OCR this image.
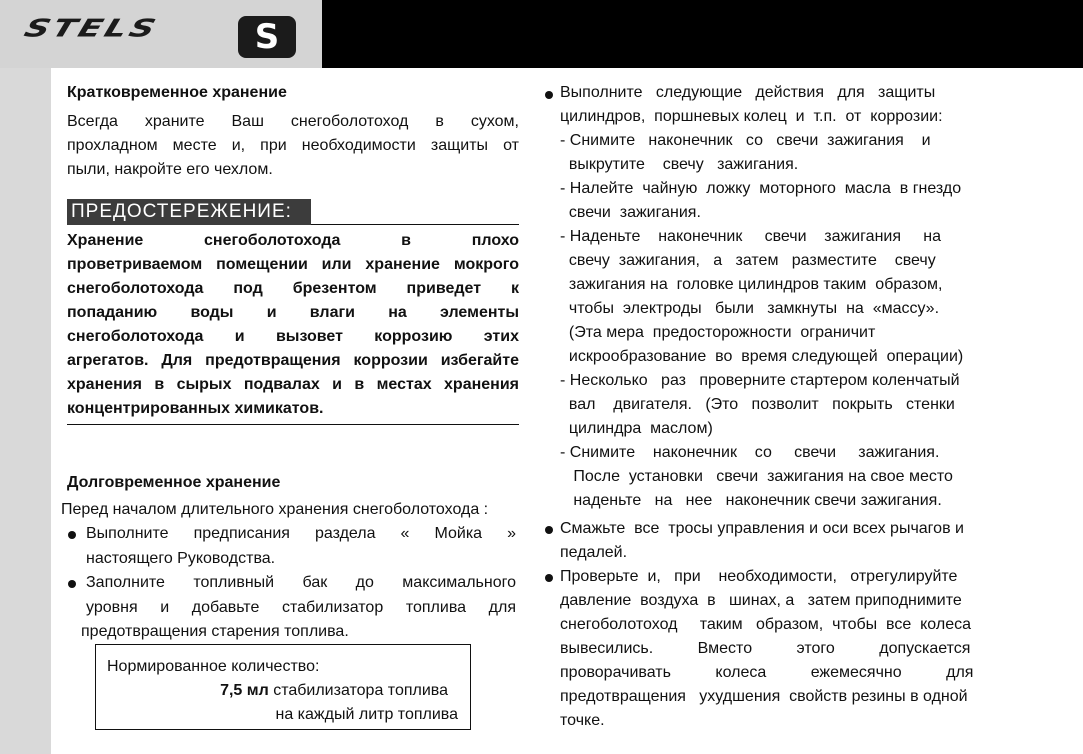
STELS	S
Кратковременное хранение
Всегда храните Ваш снегоболотоход в сухом,
прохладном месте и, при необходимости защиты от
пыли, накройте его чехлом.
ПРЕДОСТЕРЕЖЕНИЕ:
Хранение снегоболотохода в плохо
проветриваемом помещении или хранение мокрого
снегоболотохода под брезентом приведет к
попаданию воды и влаги на элементы
снегоболотохода и вызовет коррозию этих
агрегатов. Для предотвращения коррозии избегайте
хранения в сырых подвалах и в местах хранения
концентрированных химикатов.
Долговременное хранение
Перед началом длительного хранения снегоболотохода :
Выполните предписания раздела « Мойка »
настоящего Руководства.
Заполните топливный бак до максимального
уровня и добавьте стабилизатор топлива для
предотвращения старения топлива.
Нормированное количество:
7,5 мл стабилизатора топлива
на каждый литр топлива
Выполните   следующие   действия   для   защиты
цилиндров,  поршневых колец  и  т.п.  от  коррозии:
- Снимите   наконечник   со   свечи  зажигания    и
выкрутите    свечу   зажигания.
- Налейте  чайную  ложку  моторного  масла  в гнездо
свечи  зажигания.
- Наденьте    наконечник     свечи    зажигания     на
свечу  зажигания,   а   затем   разместите    свечу
зажигания на  головке цилиндров таким  образом,
чтобы  электроды   были   замкнуты  на  «массу».
(Эта мера  предосторожности  ограничит
искрообразование  во  время следующей  операции)
- Несколько   раз   проверните стартером коленчатый
вал    двигателя.   (Это   позволит   покрыть   стенки
цилиндра  маслом)
- Снимите    наконечник    со     свечи     зажигания.
После  установки   свечи  зажигания на свое место
наденьте   на   нее   наконечник свечи зажигания.
Смажьте  все  тросы управления и оси всех рычагов и
педалей.
Проверьте  и,   при    необходимости,   отрегулируйте
давление  воздуха  в   шинах, а   затем приподнимите
снегоболотоход     таким   образом,  чтобы  все  колеса
вывесились.          Вместо          этого          допускается
проворачивать          колеса          ежемесячно          для
предотвращения   ухудшения  свойств резины в одной
точке.
